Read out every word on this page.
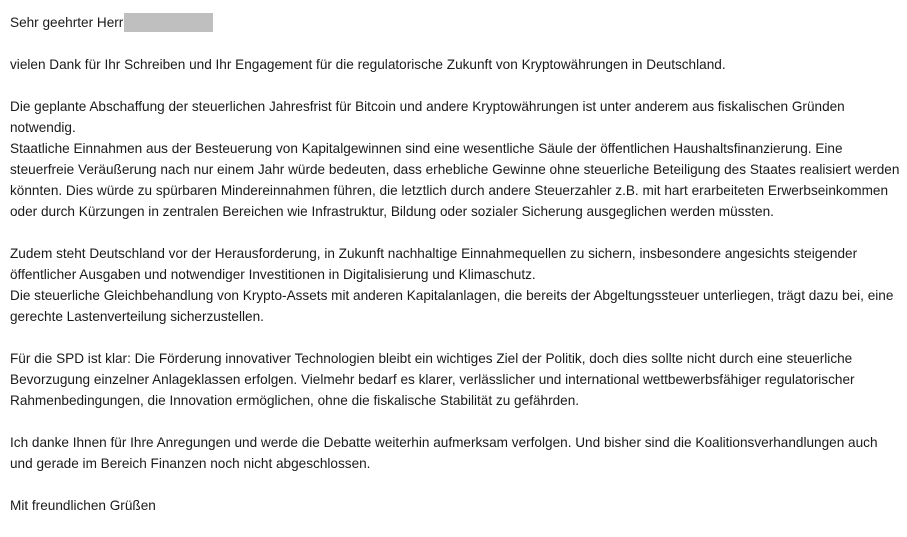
Sehr geehrter Herr

vielen Dank für Ihr Schreiben und Ihr Engagement für die regulatorische Zukunft von Kryptowährungen in Deutschland.

Die geplante Abschaffung der steuerlichen Jahresfrist für Bitcoin und andere Kryptowährungen ist unter anderem aus fiskalischen Gründen notwendig.
Staatliche Einnahmen aus der Besteuerung von Kapitalgewinnen sind eine wesentliche Säule der öffentlichen Haushaltsfinanzierung. Eine steuerfreie Veräußerung nach nur einem Jahr würde bedeuten, dass erhebliche Gewinne ohne steuerliche Beteiligung des Staates realisiert werden könnten. Dies würde zu spürbaren Mindereinnahmen führen, die letztlich durch andere Steuerzahler z.B. mit hart erarbeiteten Erwerbseinkommen oder durch Kürzungen in zentralen Bereichen wie Infrastruktur, Bildung oder sozialer Sicherung ausgeglichen werden müssten.

Zudem steht Deutschland vor der Herausforderung, in Zukunft nachhaltige Einnahmequellen zu sichern, insbesondere angesichts steigender öffentlicher Ausgaben und notwendiger Investitionen in Digitalisierung und Klimaschutz.
Die steuerliche Gleichbehandlung von Krypto-Assets mit anderen Kapitalanlagen, die bereits der Abgeltungssteuer unterliegen, trägt dazu bei, eine gerechte Lastenverteilung sicherzustellen.

Für die SPD ist klar: Die Förderung innovativer Technologien bleibt ein wichtiges Ziel der Politik, doch dies sollte nicht durch eine steuerliche Bevorzugung einzelner Anlageklassen erfolgen. Vielmehr bedarf es klarer, verlässlicher und international wettbewerbsfähiger regulatorischer Rahmenbedingungen, die Innovation ermöglichen, ohne die fiskalische Stabilität zu gefährden.

Ich danke Ihnen für Ihre Anregungen und werde die Debatte weiterhin aufmerksam verfolgen. Und bisher sind die Koalitionsverhandlungen auch und gerade im Bereich Finanzen noch nicht abgeschlossen.

Mit freundlichen Grüßen
